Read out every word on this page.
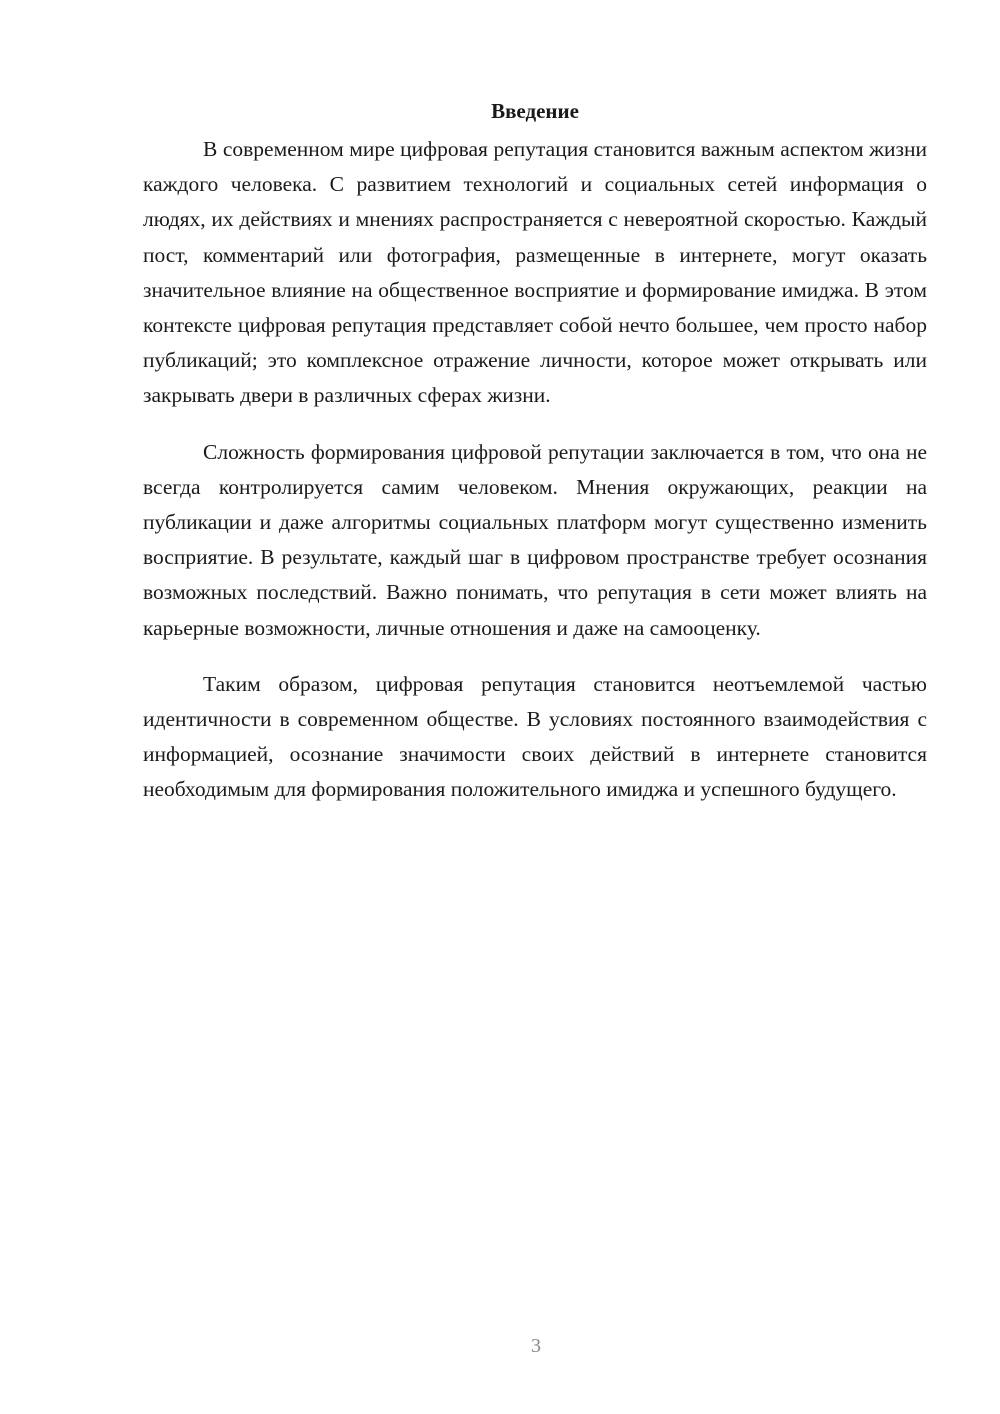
Введение

В современном мире цифровая репутация становится важным аспектом жизни каждого человека. С развитием технологий и социальных сетей информация о людях, их действиях и мнениях распространяется с невероятной скоростью. Каждый пост, комментарий или фотография, размещенные в интернете, могут оказать значительное влияние на общественное восприятие и формирование имиджа. В этом контексте цифровая репутация представляет собой нечто большее, чем просто набор публикаций; это комплексное отражение личности, которое может открывать или закрывать двери в различных сферах жизни.

Сложность формирования цифровой репутации заключается в том, что она не всегда контролируется самим человеком. Мнения окружающих, реакции на публикации и даже алгоритмы социальных платформ могут существенно изменить восприятие. В результате, каждый шаг в цифровом пространстве требует осознания возможных последствий. Важно понимать, что репутация в сети может влиять на карьерные возможности, личные отношения и даже на самооценку.

Таким образом, цифровая репутация становится неотъемлемой частью идентичности в современном обществе. В условиях постоянного взаимодействия с информацией, осознание значимости своих действий в интернете становится необходимым для формирования положительного имиджа и успешного будущего.

3
